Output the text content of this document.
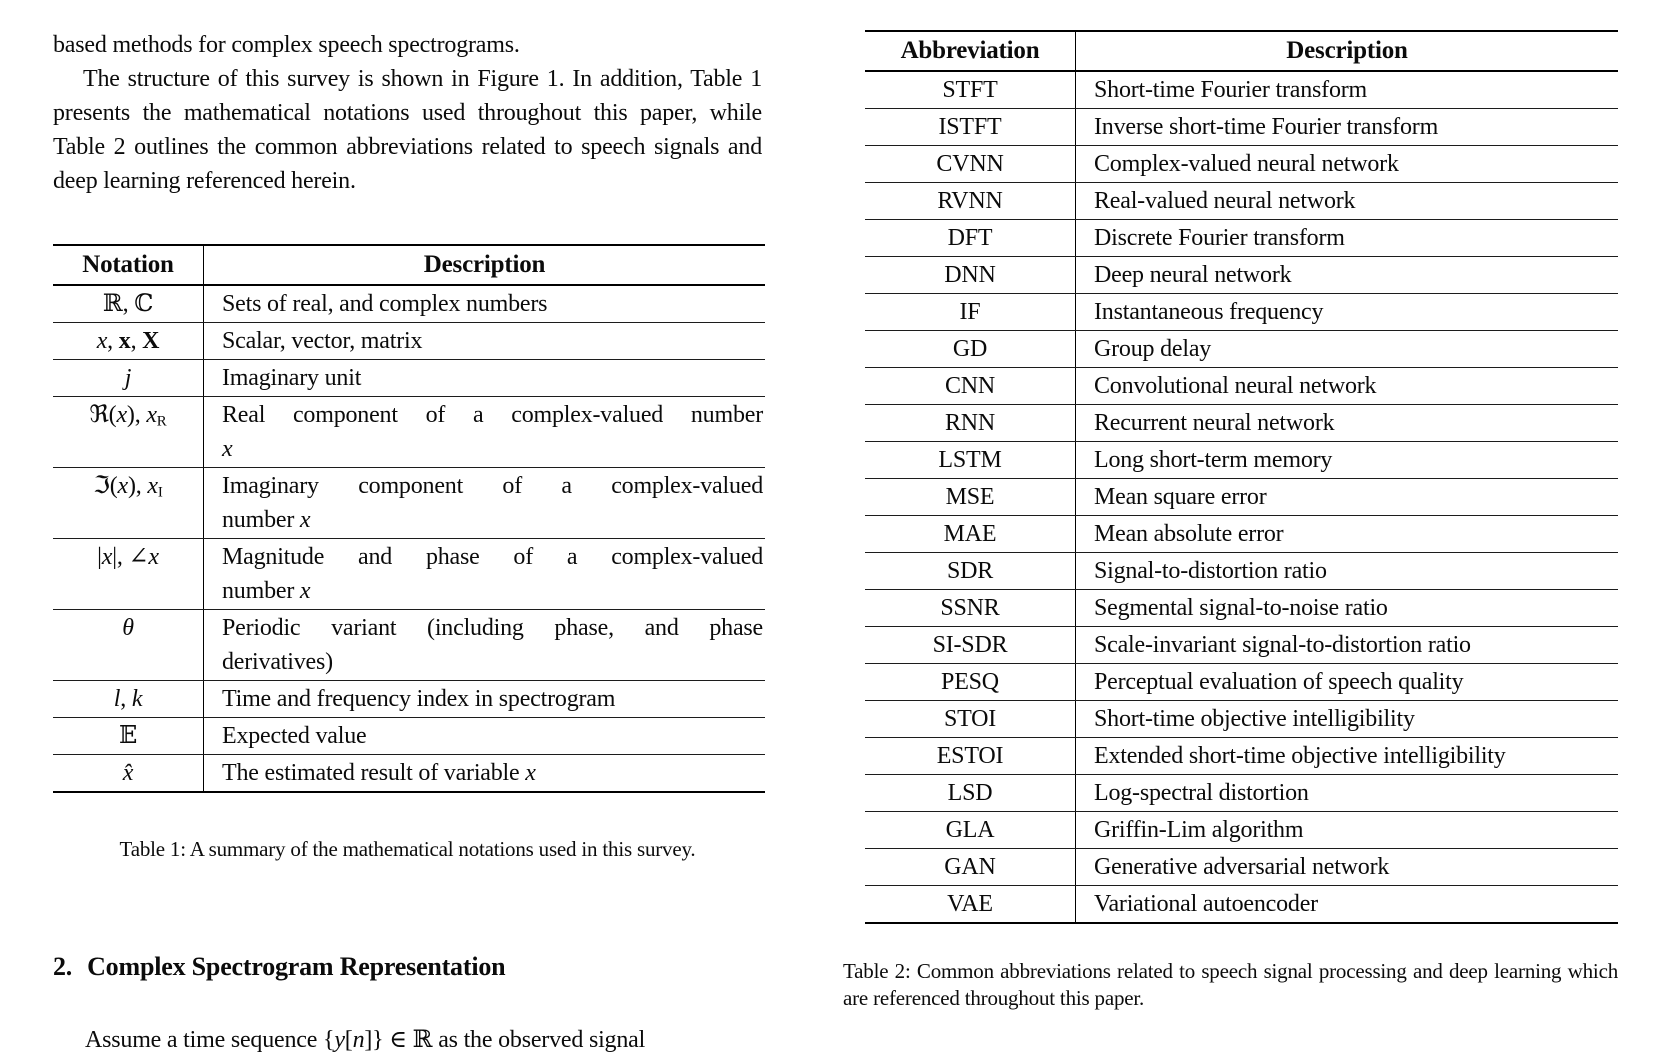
based methods for complex speech spectrograms.

The structure of this survey is shown in Figure 1. In addition, Table 1 presents the mathematical notations used throughout this paper, while Table 2 outlines the common abbreviations related to speech signals and deep learning referenced herein.

Notation	Description
ℝ, ℂ	Sets of real, and complex numbers
x, x, X	Scalar, vector, matrix
j	Imaginary unit
ℜ(x), xR	Real component of a complex-valued number
x
ℑ(x), xI	Imaginary component of a complex-valued
number x
|x|, ∠x	Magnitude and phase of a complex-valued
number x
θ	Periodic variant (including phase, and phase
derivatives)
l, k	Time and frequency index in spectrogram
𝔼	Expected value
x̂	The estimated result of variable x
Table 1: A summary of the mathematical notations used in this survey.
2. Complex Spectrogram Representation

Assume a time sequence {y[n]} ∈ ℝ as the observed signal

Abbreviation	Description
STFT	Short-time Fourier transform
ISTFT	Inverse short-time Fourier transform
CVNN	Complex-valued neural network
RVNN	Real-valued neural network
DFT	Discrete Fourier transform
DNN	Deep neural network
IF	Instantaneous frequency
GD	Group delay
CNN	Convolutional neural network
RNN	Recurrent neural network
LSTM	Long short-term memory
MSE	Mean square error
MAE	Mean absolute error
SDR	Signal-to-distortion ratio
SSNR	Segmental signal-to-noise ratio
SI-SDR	Scale-invariant signal-to-distortion ratio
PESQ	Perceptual evaluation of speech quality
STOI	Short-time objective intelligibility
ESTOI	Extended short-time objective intelligibility
LSD	Log-spectral distortion
GLA	Griffin-Lim algorithm
GAN	Generative adversarial network
VAE	Variational autoencoder
Table 2: Common abbreviations related to speech signal processing and deep learning which are referenced throughout this paper.
